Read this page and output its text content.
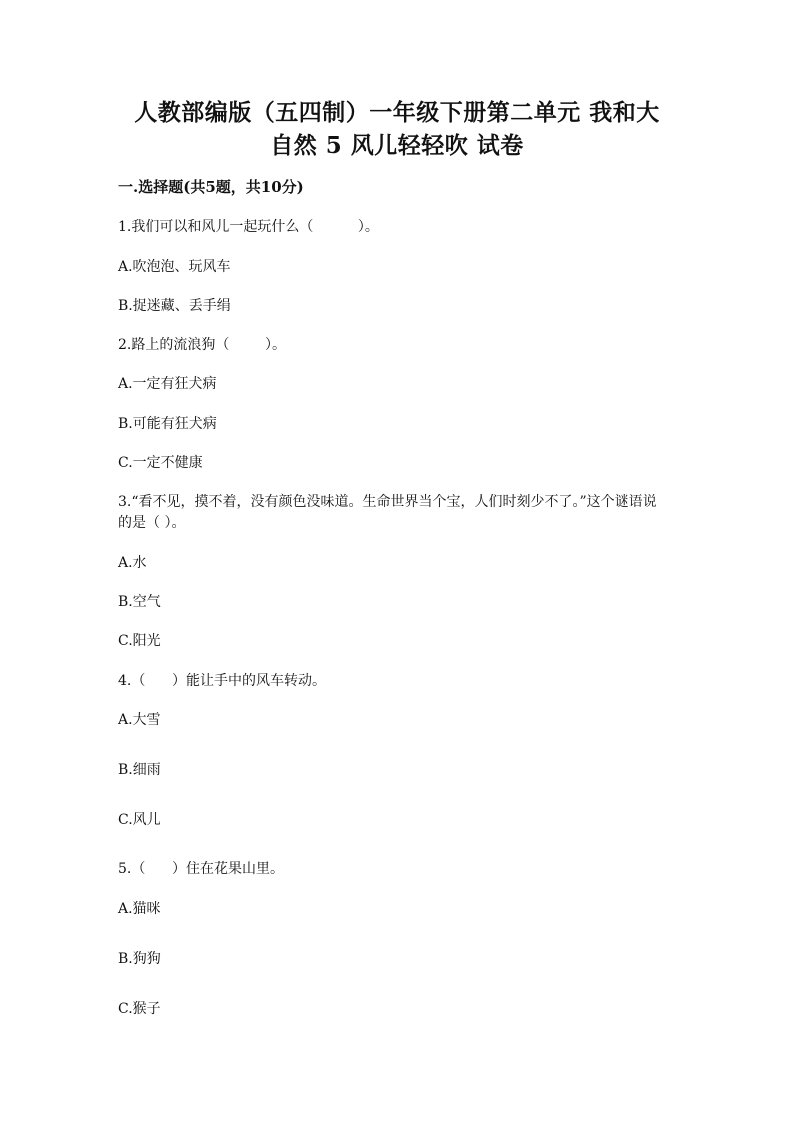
人教部编版（五四制）一年级下册第二单元 我和大
自然 5 风儿轻轻吹 试卷
一.选择题(共5题，共10分)
1.我们可以和风儿一起玩什么（          ）。
A.吹泡泡、玩风车
B.捉迷藏、丢手绢
2.路上的流浪狗（        ）。
A.一定有狂犬病
B.可能有狂犬病
C.一定不健康
3.“看不见，摸不着，没有颜色没味道。生命世界当个宝，人们时刻少不了。”这个谜语说的是（ ）。
A.水
B.空气
C.阳光
4.（      ）能让手中的风车转动。
A.大雪
B.细雨
C.风儿
5.（      ）住在花果山里。
A.猫咪
B.狗狗
C.猴子
